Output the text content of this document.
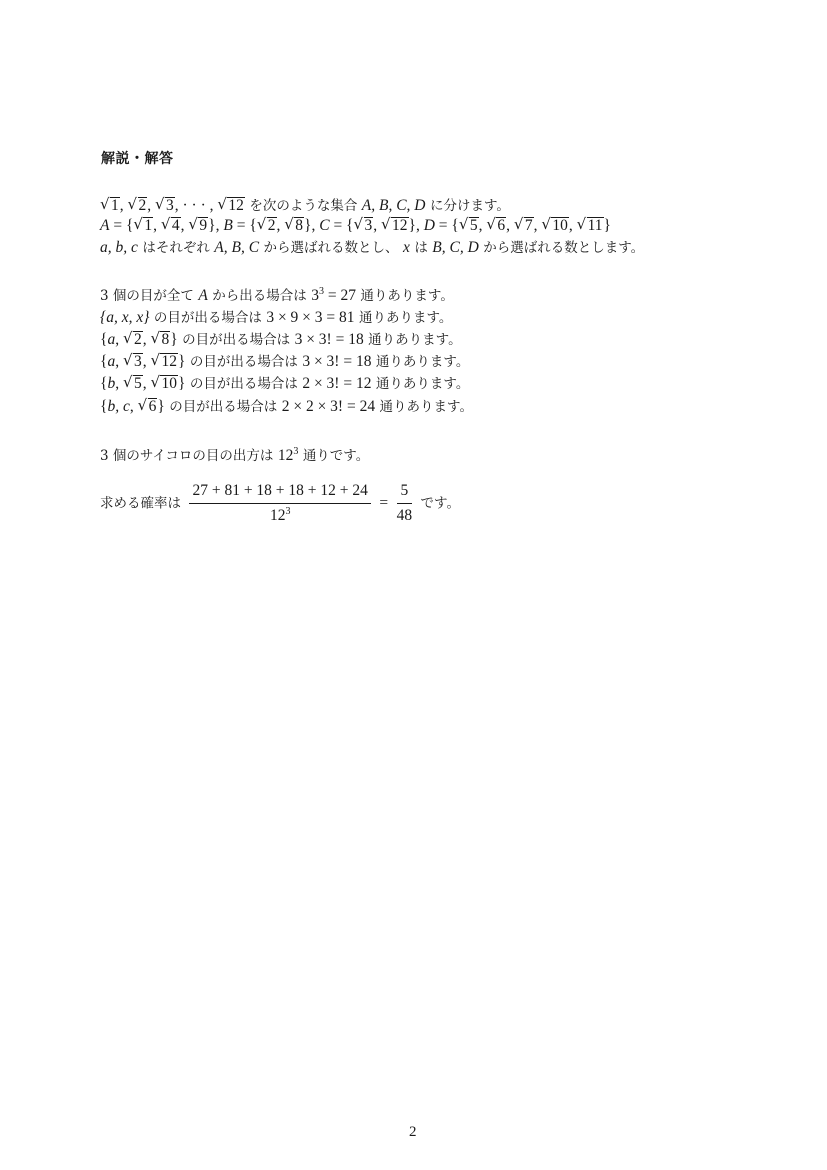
解説・解答
√ 1, √ 2, √ 3, · · · , √ 12 を次のような集合 A, B, C, D に分けます。
A = { √ 1, √ 4, √ 9}, B = { √ 2, √ 8}, C = { √ 3, √ 12}, D = { √ 5, √ 6, √ 7, √ 10, √ 11}
a, b, c はそれぞれ A, B, C から選ばれる数とし、 x は B, C, D から選ばれる数とします。
3 個の目が全て A から出る場合は $3^3 = 27$ 通りあります。
{a, x, x} の目が出る場合は 3 × 9 × 3 = 81 通りあります。
{a, √ 2, √ 8} の目が出る場合は 3 × 3! = 18 通りあります。
{a, √ 3, √ 12} の目が出る場合は 3 × 3! = 18 通りあります。
{b, √ 5, √ 10} の目が出る場合は 2 × 3! = 12 通りあります。
{b, c, √ 6} の目が出る場合は 2 × 2 × 3! = 24 通りあります。
3 個のサイコロの目の出方は $12^3$ 通りです。
求める確率は $\frac{27 + 81 + 18 + 18 + 12 + 24}{12^3} = \frac{5}{48}$ です。
2
